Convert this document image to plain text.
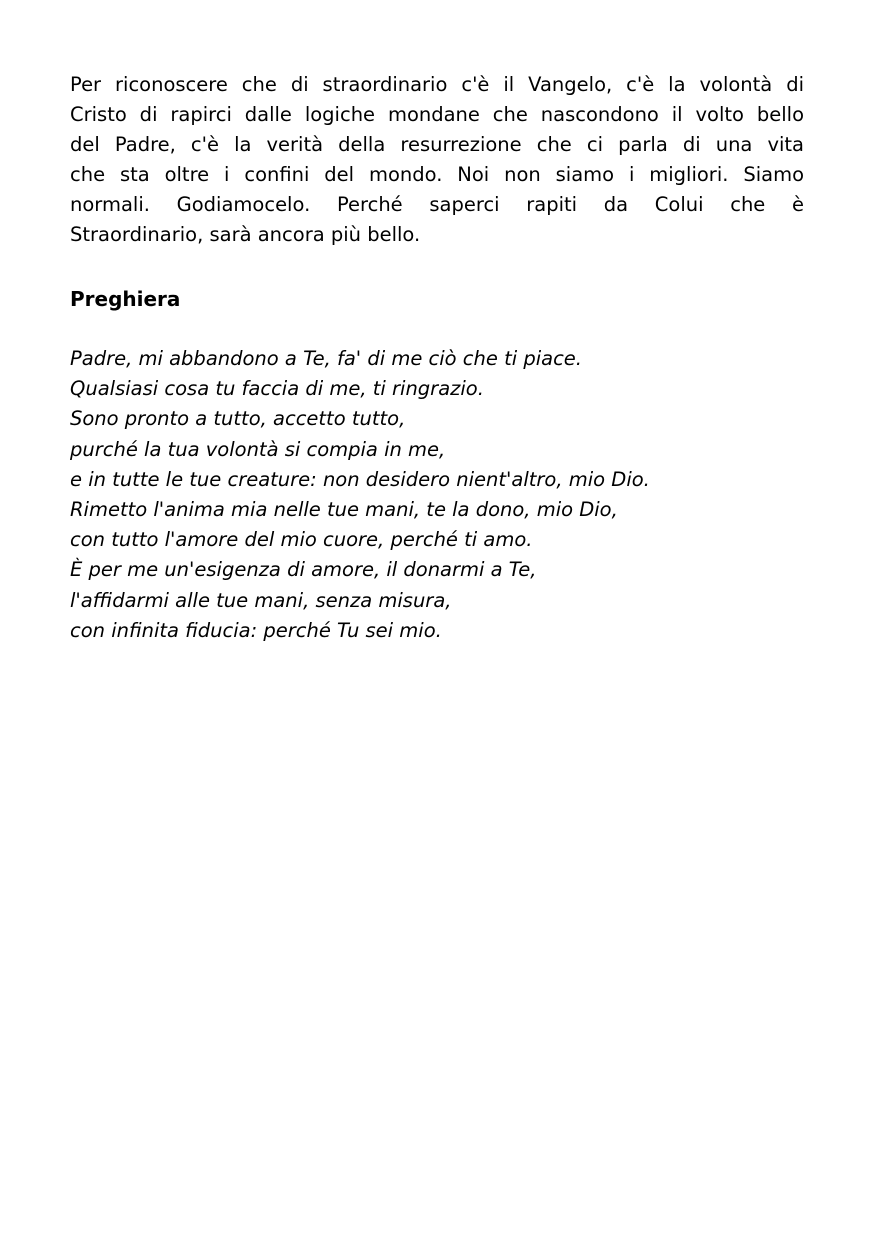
Per riconoscere che di straordinario c'è il Vangelo, c'è la volontà di
Cristo di rapirci dalle logiche mondane che nascondono il volto bello
del Padre, c'è la verità della resurrezione che ci parla di una vita
che sta oltre i confini del mondo. Noi non siamo i migliori. Siamo
normali. Godiamocelo. Perché saperci rapiti da Colui che è
Straordinario, sarà ancora più bello.

Preghiera
Padre, mi abbandono a Te, fa' di me ciò che ti piace.
Qualsiasi cosa tu faccia di me, ti ringrazio.
Sono pronto a tutto, accetto tutto,
purché la tua volontà si compia in me,
e in tutte le tue creature: non desidero nient'altro, mio Dio.
Rimetto l'anima mia nelle tue mani, te la dono, mio Dio,
con tutto l'amore del mio cuore, perché ti amo.
È per me un'esigenza di amore, il donarmi a Te,
l'affidarmi alle tue mani, senza misura,
con infinita fiducia: perché Tu sei mio.
